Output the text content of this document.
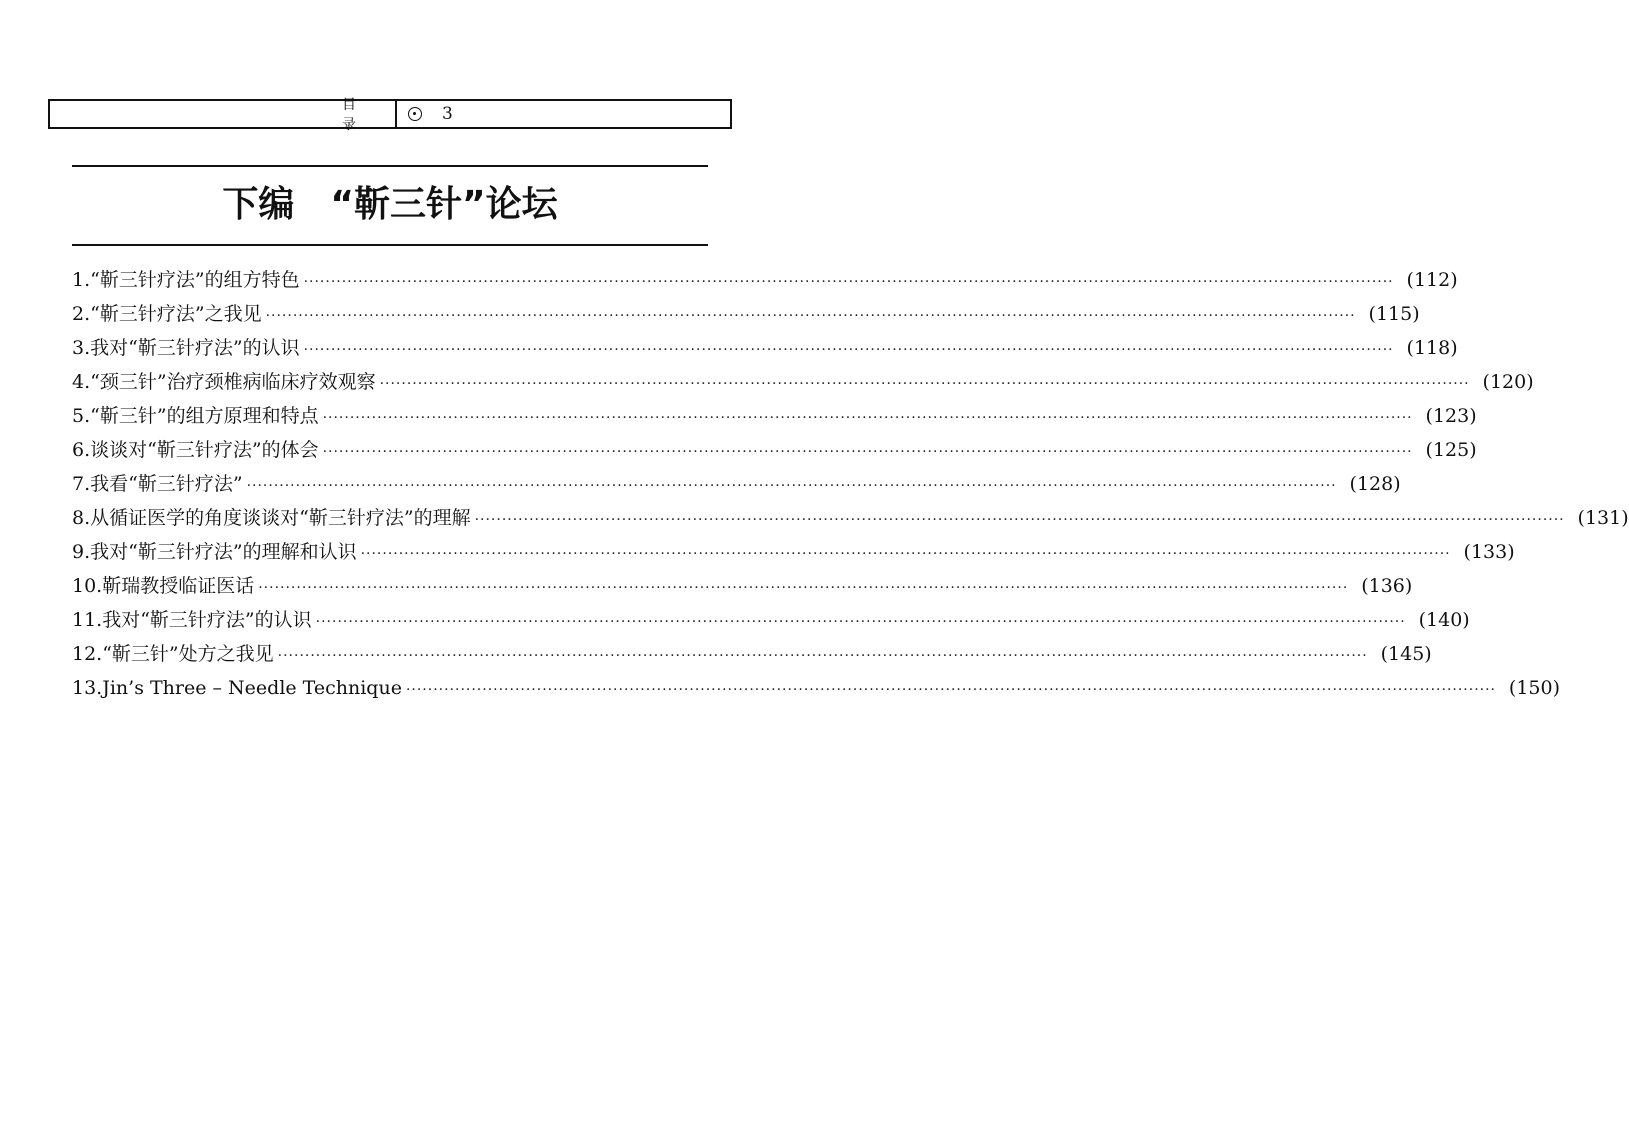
目录
3
下编　“靳三针”论坛
1. “靳三针疗法”的组方特色 ········································································································································································································ (112)
2. “靳三针疗法”之我见 ········································································································································································································ (115)
3. 我对“靳三针疗法”的认识 ········································································································································································································ (118)
4. “颈三针”治疗颈椎病临床疗效观察 ········································································································································································································ (120)
5. “靳三针”的组方原理和特点 ········································································································································································································ (123)
6. 谈谈对“靳三针疗法”的体会 ········································································································································································································ (125)
7. 我看“靳三针疗法” ········································································································································································································ (128)
8. 从循证医学的角度谈谈对“靳三针疗法”的理解 ········································································································································································································ (131)
9. 我对“靳三针疗法”的理解和认识 ········································································································································································································ (133)
10. 靳瑞教授临证医话 ········································································································································································································ (136)
11. 我对“靳三针疗法”的认识 ········································································································································································································ (140)
12. “靳三针”处方之我见 ········································································································································································································ (145)
13. Jin’s Three – Needle Technique ········································································································································································································ (150)
